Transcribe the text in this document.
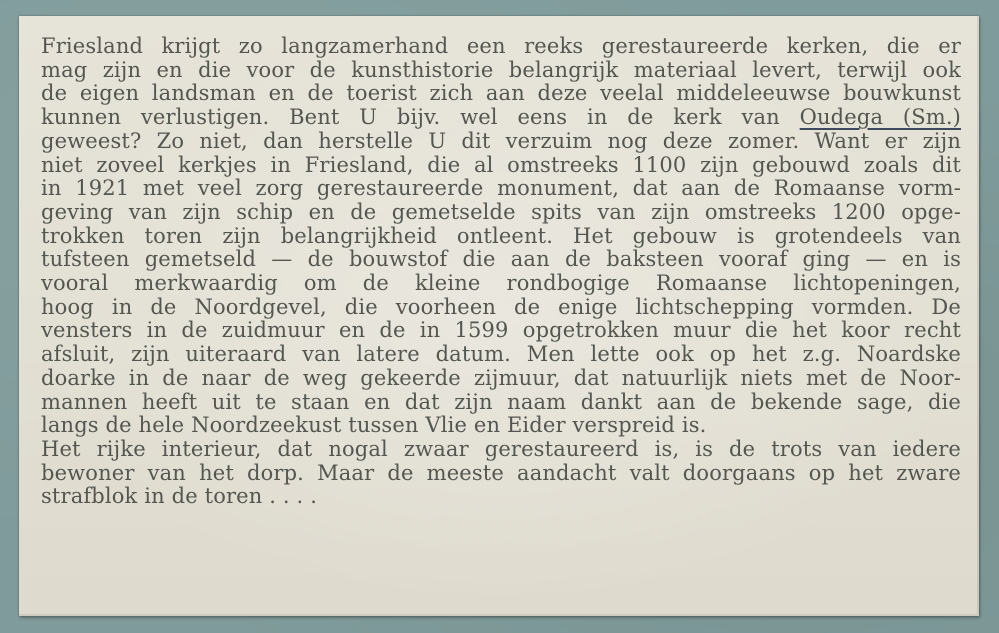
Friesland krijgt zo langzamerhand een reeks gerestaureerde kerken, die er
mag zijn en die voor de kunsthistorie belangrijk materiaal levert, terwijl ook
de eigen landsman en de toerist zich aan deze veelal middeleeuwse bouwkunst
kunnen verlustigen. Bent U bijv. wel eens in de kerk van Oudega (Sm.)
geweest? Zo niet, dan herstelle U dit verzuim nog deze zomer. Want er zijn
niet zoveel kerkjes in Friesland, die al omstreeks 1100 zijn gebouwd zoals dit
in 1921 met veel zorg gerestaureerde monument, dat aan de Romaanse vorm-
geving van zijn schip en de gemetselde spits van zijn omstreeks 1200 opge-
trokken toren zijn belangrijkheid ontleent. Het gebouw is grotendeels van
tufsteen gemetseld — de bouwstof die aan de baksteen vooraf ging — en is
vooral merkwaardig om de kleine rondbogige Romaanse lichtopeningen,
hoog in de Noordgevel, die voorheen de enige lichtschepping vormden. De
vensters in de zuidmuur en de in 1599 opgetrokken muur die het koor recht
afsluit, zijn uiteraard van latere datum. Men lette ook op het z.g. Noardske
doarke in de naar de weg gekeerde zijmuur, dat natuurlijk niets met de Noor-
mannen heeft uit te staan en dat zijn naam dankt aan de bekende sage, die
langs de hele Noordzeekust tussen Vlie en Eider verspreid is.
Het rijke interieur, dat nogal zwaar gerestaureerd is, is de trots van iedere
bewoner van het dorp. Maar de meeste aandacht valt doorgaans op het zware
strafblok in de toren . . . .
